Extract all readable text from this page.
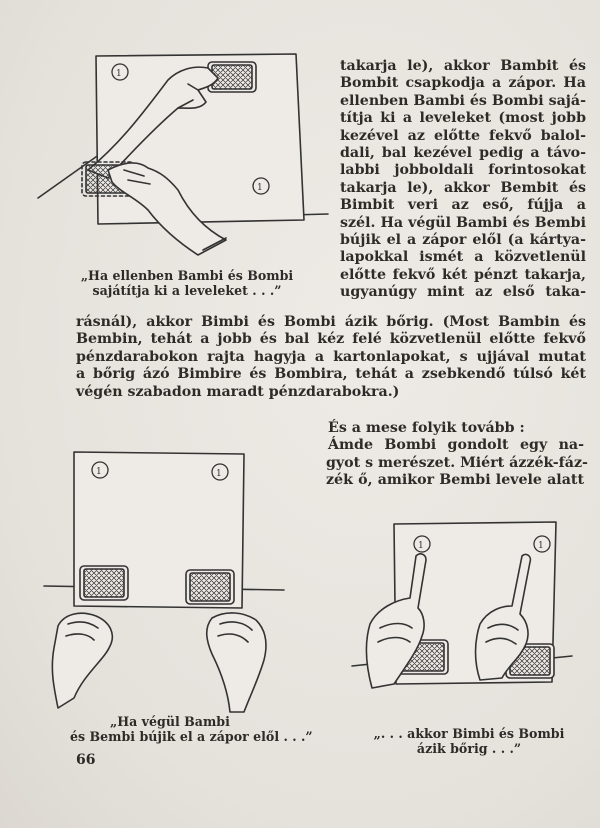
1
1

„Ha ellenben Bambi és Bombi
sajátítja ki a leveleket . . .”

takarja le), akkor Bambit és
Bombit csapkodja a zápor. Ha
ellenben Bambi és Bombi sajá-
títja ki a leveleket (most jobb
kezével az előtte fekvő balol-
dali, bal kezével pedig a távo-
labbi jobboldali forintosokat
takarja le), akkor Bembit és
Bimbit veri az eső, fújja a
szél. Ha végül Bambi és Bembi
bújik el a zápor elől (a kártya-
lapokkal ismét a közvetlenül
előtte fekvő két pénzt takarja,
ugyanúgy mint az első taka-
rásnál), akkor Bimbi és Bombi ázik bőrig. (Most Bambin és
Bembin, tehát a jobb és bal kéz felé közvetlenül előtte fekvő
pénzdarabokon rajta hagyja a kartonlapokat, s ujjával mutat
a bőrig ázó Bimbire és Bombira, tehát a zsebkendő túlsó két
végén szabadon maradt pénzdarabokra.)
És a mese folyik tovább :
Ámde Bombi gondolt egy na-
gyot s merészet. Miért ázzék-fáz-
zék ő, amikor Bembi levele alatt
1	1

„Ha végül Bambi
és Bembi bújik el a zápor elől . . .”

1	1

„. . . akkor Bimbi és Bombi
ázik bőrig . . .”

66
